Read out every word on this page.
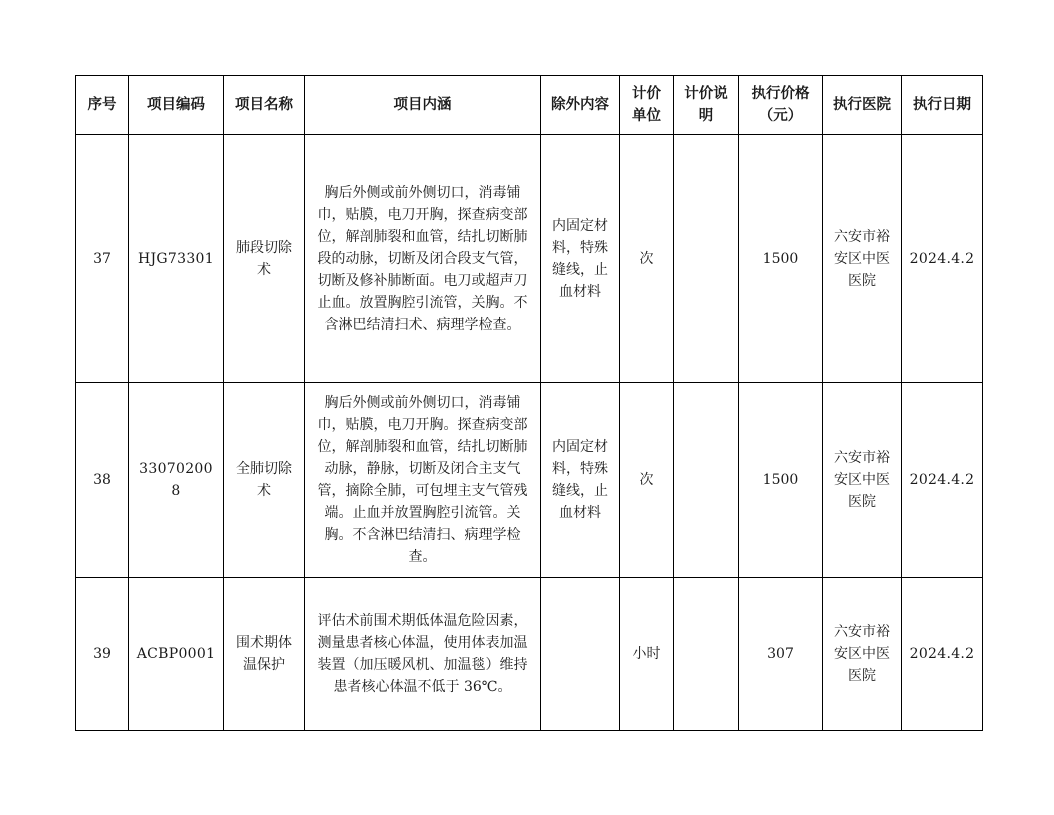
序号	项目编码	项目名称	项目内涵	除外内容	计价单位	计价说明	执行价格（元）	执行医院	执行日期
37	HJG73301	肺段切除术	胸后外侧或前外侧切口，消毒铺巾，贴膜，电刀开胸，探查病变部位，解剖肺裂和血管，结扎切断肺段的动脉，切断及闭合段支气管，切断及修补肺断面。电刀或超声刀止血。放置胸腔引流管，关胸。不含淋巴结清扫术、病理学检查。	内固定材料，特殊缝线，止血材料	次		1500	六安市裕安区中医医院	2024.4.2
38	330702008	全肺切除术	胸后外侧或前外侧切口，消毒铺巾，贴膜，电刀开胸。探查病变部位，解剖肺裂和血管，结扎切断肺动脉，静脉，切断及闭合主支气管，摘除全肺，可包埋主支气管残端。止血并放置胸腔引流管。关胸。不含淋巴结清扫、病理学检查。	内固定材料，特殊缝线，止血材料	次		1500	六安市裕安区中医医院	2024.4.2
39	ACBP0001	围术期体温保护	评估术前围术期低体温危险因素，测量患者核心体温，使用体表加温装置（加压暖风机、加温毯）维持患者核心体温不低于 36℃。		小时		307	六安市裕安区中医医院	2024.4.2
